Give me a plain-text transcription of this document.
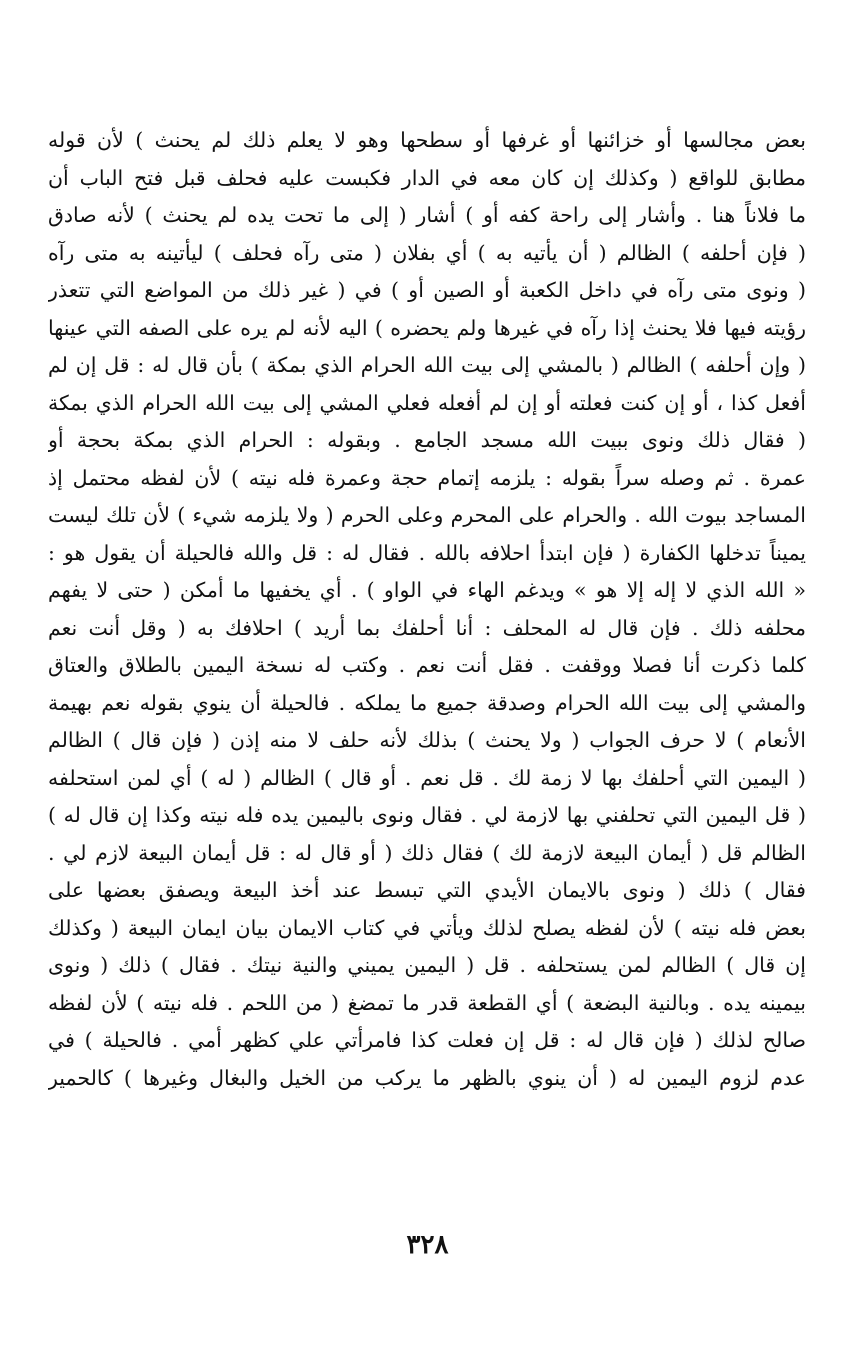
بعض مجالسها أو خزائنها أو غرفها أو سطحها وهو لا يعلم ذلك لم يحنث ) لأن قوله
مطابق للواقع ( وكذلك إن كان معه في الدار فكبست عليه فحلف قبل فتح الباب أن
ما فلاناً هنا . وأشار إلى راحة كفه أو ) أشار ( إلى ما تحت يده لم يحنث ) لأنه صادق
( فإن أحلفه ) الظالم ( أن يأتيه به ) أي بفلان ( متى رآه فحلف ) ليأتينه به متى رآه
( ونوى متى رآه في داخل الكعبة أو الصين أو ) في ( غير ذلك من المواضع التي تتعذر
رؤيته فيها فلا يحنث إذا رآه في غيرها ولم يحضره ) اليه لأنه لم يره على الصفه التي عينها
( وإن أحلفه ) الظالم ( بالمشي إلى بيت الله الحرام الذي بمكة ) بأن قال له : قل إن لم
أفعل كذا ، أو إن كنت فعلته أو إن لم أفعله فعلي المشي إلى بيت الله الحرام الذي بمكة
( فقال ذلك ونوى ببيت الله مسجد الجامع . وبقوله : الحرام الذي بمكة بحجة أو
عمرة . ثم وصله سراً بقوله : يلزمه إتمام حجة وعمرة فله نيته ) لأن لفظه محتمل إذ
المساجد بيوت الله . والحرام على المحرم وعلى الحرم ( ولا يلزمه شيء ) لأن تلك ليست
يميناً تدخلها الكفارة ( فإن ابتدأ احلافه بالله . فقال له : قل والله فالحيلة أن يقول هو :
« الله الذي لا إله إلا هو » ويدغم الهاء في الواو ) . أي يخفيها ما أمكن ( حتى لا يفهم
محلفه ذلك . فإن قال له المحلف : أنا أحلفك بما أريد ) احلافك به ( وقل أنت نعم
كلما ذكرت أنا فصلا ووقفت . فقل أنت نعم . وكتب له نسخة اليمين بالطلاق والعتاق
والمشي إلى بيت الله الحرام وصدقة جميع ما يملكه . فالحيلة أن ينوي بقوله نعم بهيمة
الأنعام ) لا حرف الجواب ( ولا يحنث ) بذلك لأنه حلف لا منه إذن ( فإن قال ) الظالم
( اليمين التي أحلفك بها لا زمة لك . قل نعم . أو قال ) الظالم ( له ) أي لمن استحلفه
( قل اليمين التي تحلفني بها لازمة لي . فقال ونوى باليمين يده فله نيته وكذا إن قال له )
الظالم قل ( أيمان البيعة لازمة لك ) فقال ذلك ( أو قال له : قل أيمان البيعة لازم لي .
فقال ) ذلك ( ونوى بالايمان الأيدي التي تبسط عند أخذ البيعة ويصفق بعضها على
بعض فله نيته ) لأن لفظه يصلح لذلك ويأتي في كتاب الايمان بيان ايمان البيعة ( وكذلك
إن قال ) الظالم لمن يستحلفه . قل ( اليمين يميني والنية نيتك . فقال ) ذلك ( ونوى
بيمينه يده . وبالنية البضعة ) أي القطعة قدر ما تمضغ ( من اللحم . فله نيته ) لأن لفظه
صالح لذلك ( فإن قال له : قل إن فعلت كذا فامرأتي علي كظهر أمي . فالحيلة ) في
عدم لزوم اليمين له ( أن ينوي بالظهر ما يركب من الخيل والبغال وغيرها ) كالحمير
٣٢٨
